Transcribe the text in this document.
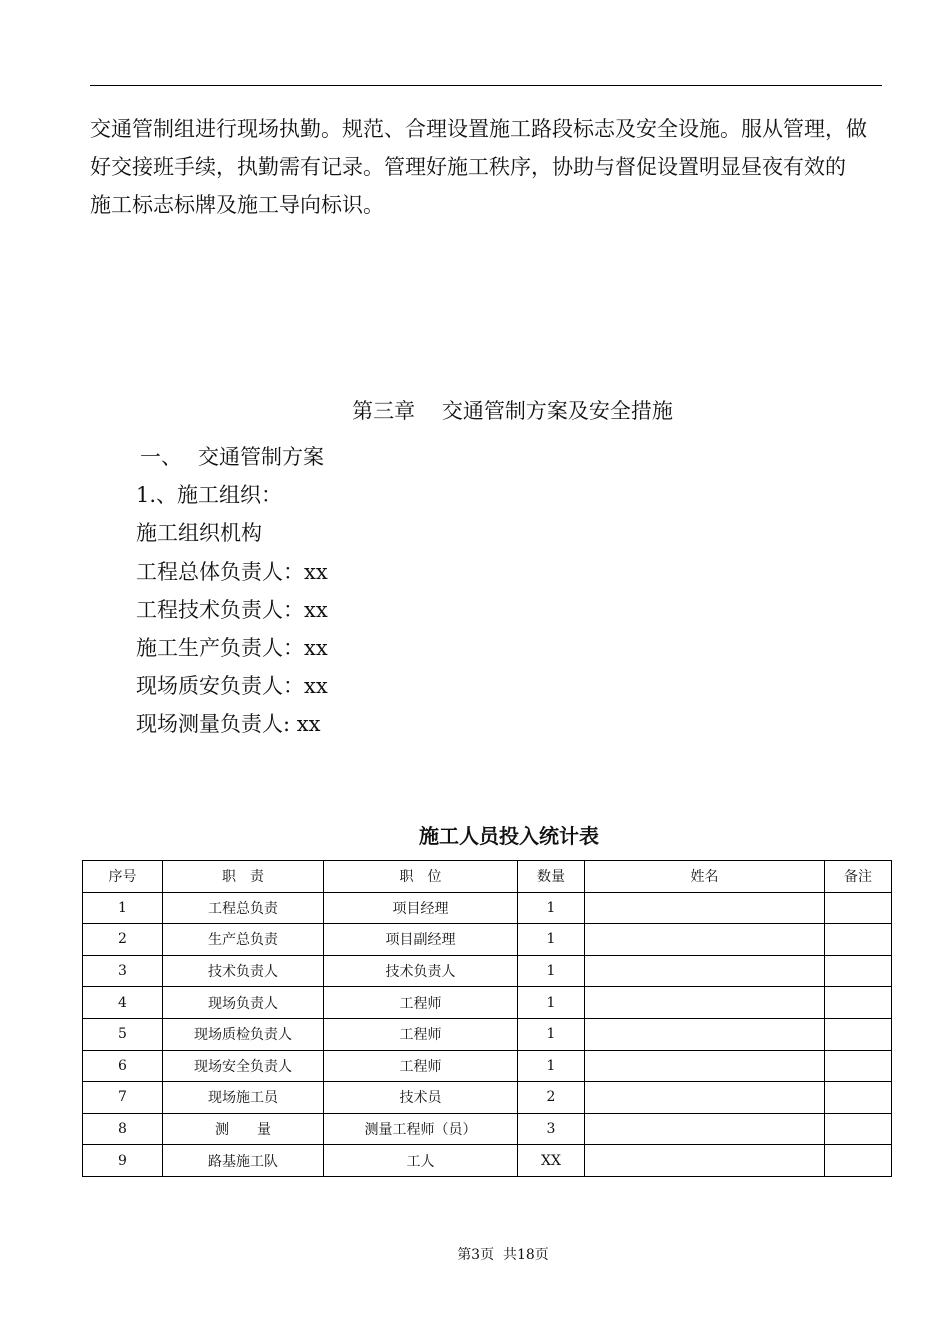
交通管制组进行现场执勤。规范、合理设置施工路段标志及安全设施。服从管理，做
好交接班手续，执勤需有记录。管理好施工秩序，协助与督促设置明显昼夜有效的
施工标志标牌及施工导向标识。

第三章    交通管制方案及安全措施
一、 交通管制方案
1.、施工组织：
施工组织机构
工程总体负责人：xx
工程技术负责人：xx
施工生产负责人：xx
现场质安负责人：xx
现场测量负责人: xx
施工人员投入统计表
序号	职　责	职　位	数量	姓名	备注
1	工程总负责	项目经理	1		
2	生产总负责	项目副经理	1		
3	技术负责人	技术负责人	1		
4	现场负责人	工程师	1		
5	现场质检负责人	工程师	1		
6	现场安全负责人	工程师	1		
7	现场施工员	技术员	2		
8	测　　量	测量工程师（员）	3		
9	路基施工队	工人	XX		
第3页  共18页
